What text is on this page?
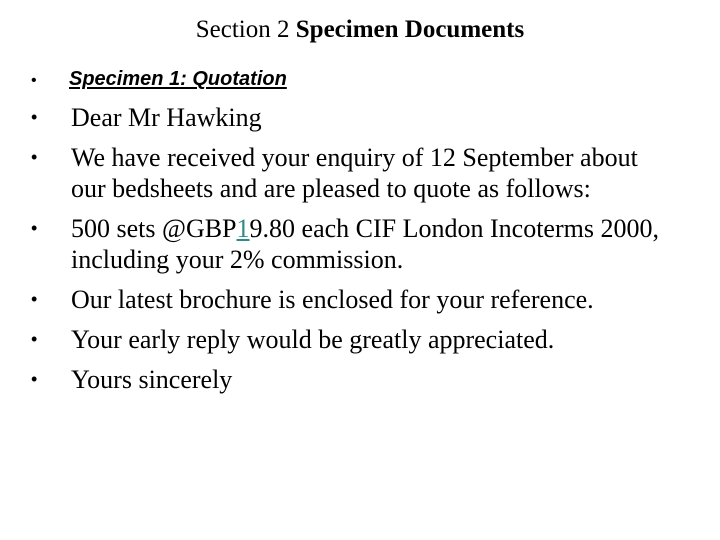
Section 2 Specimen Documents
•	Specimen 1: Quotation
•	Dear Mr Hawking
•	We have received your enquiry of 12 September about our bedsheets and are pleased to quote as follows:
•	500 sets @GBP19.80 each CIF London Incoterms 2000, including your 2% commission.
•	Our latest brochure is enclosed for your reference.
•	Your early reply would be greatly appreciated.
•	Yours sincerely
